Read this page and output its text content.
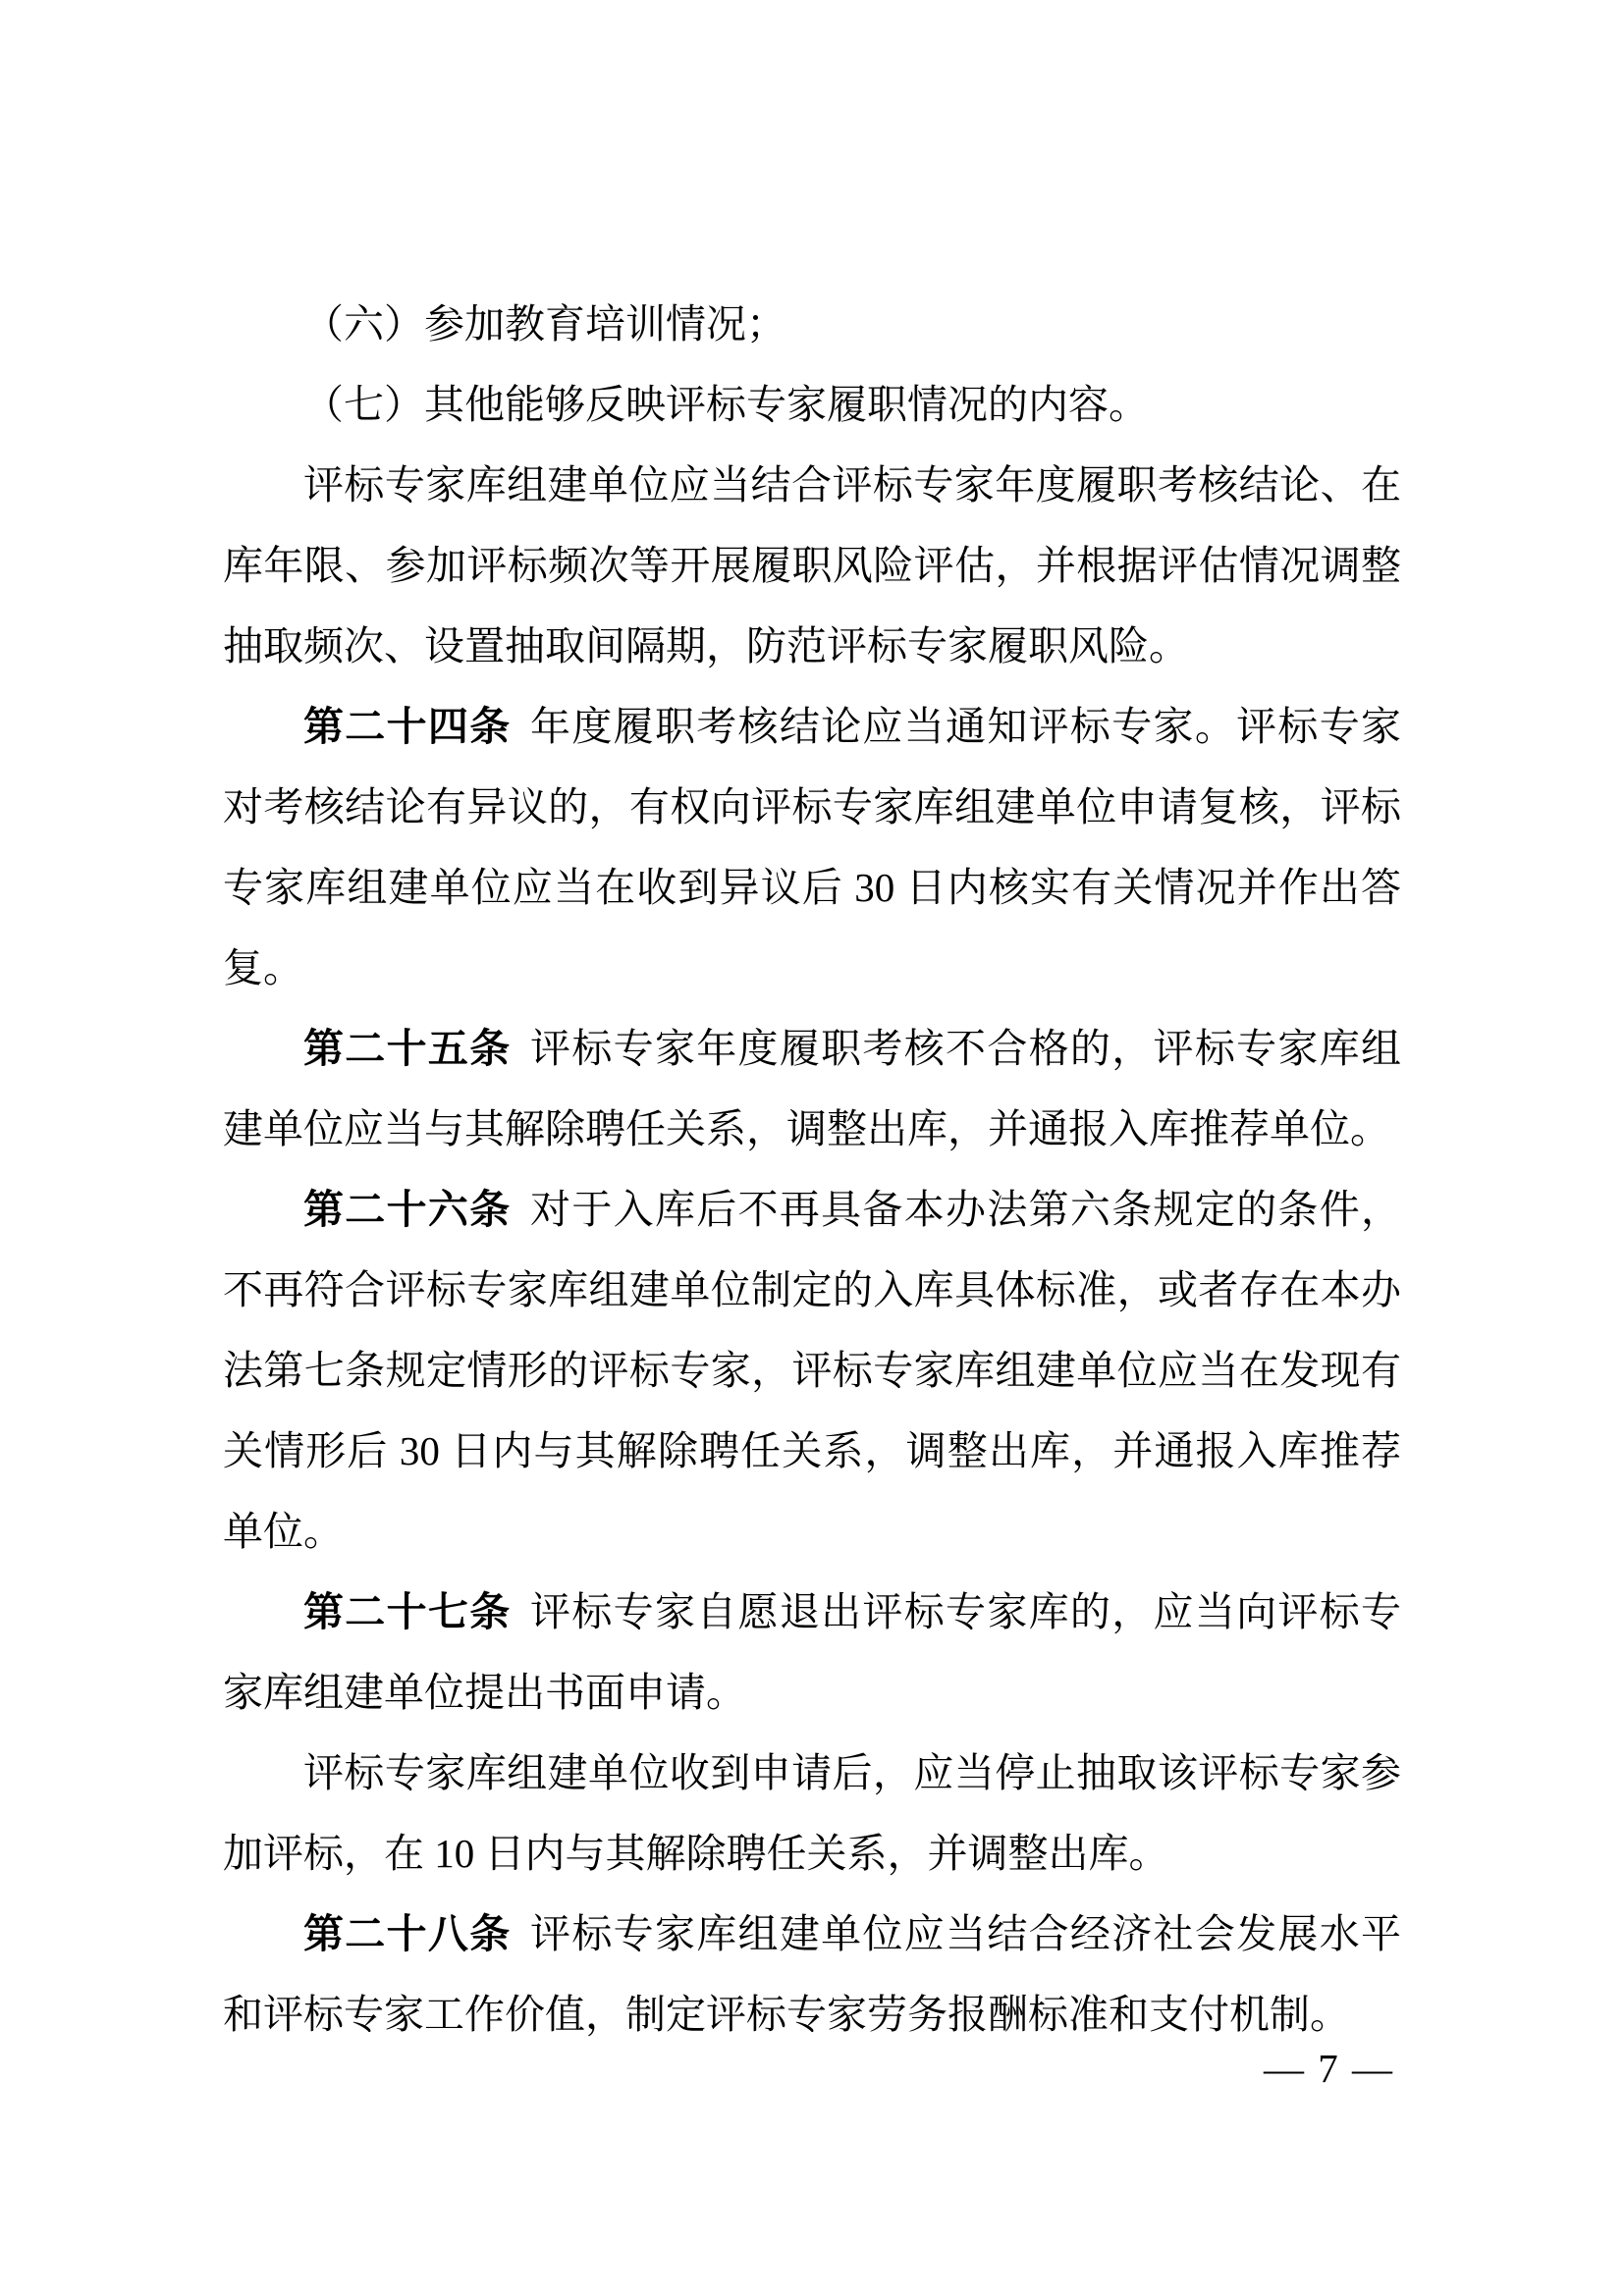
（六）参加教育培训情况；
（七）其他能够反映评标专家履职情况的内容。
评标专家库组建单位应当结合评标专家年度履职考核结论、在
库年限、参加评标频次等开展履职风险评估，并根据评估情况调整
抽取频次、设置抽取间隔期，防范评标专家履职风险。
第二十四条 年度履职考核结论应当通知评标专家。评标专家
对考核结论有异议的，有权向评标专家库组建单位申请复核，评标
专家库组建单位应当在收到异议后 30 日内核实有关情况并作出答
复。
第二十五条 评标专家年度履职考核不合格的，评标专家库组
建单位应当与其解除聘任关系，调整出库，并通报入库推荐单位。
第二十六条 对于入库后不再具备本办法第六条规定的条件，
不再符合评标专家库组建单位制定的入库具体标准，或者存在本办
法第七条规定情形的评标专家，评标专家库组建单位应当在发现有
关情形后 30 日内与其解除聘任关系，调整出库，并通报入库推荐
单位。
第二十七条 评标专家自愿退出评标专家库的，应当向评标专
家库组建单位提出书面申请。
评标专家库组建单位收到申请后，应当停止抽取该评标专家参
加评标，在 10 日内与其解除聘任关系，并调整出库。
第二十八条 评标专家库组建单位应当结合经济社会发展水平
和评标专家工作价值，制定评标专家劳务报酬标准和支付机制。
— 7 —
